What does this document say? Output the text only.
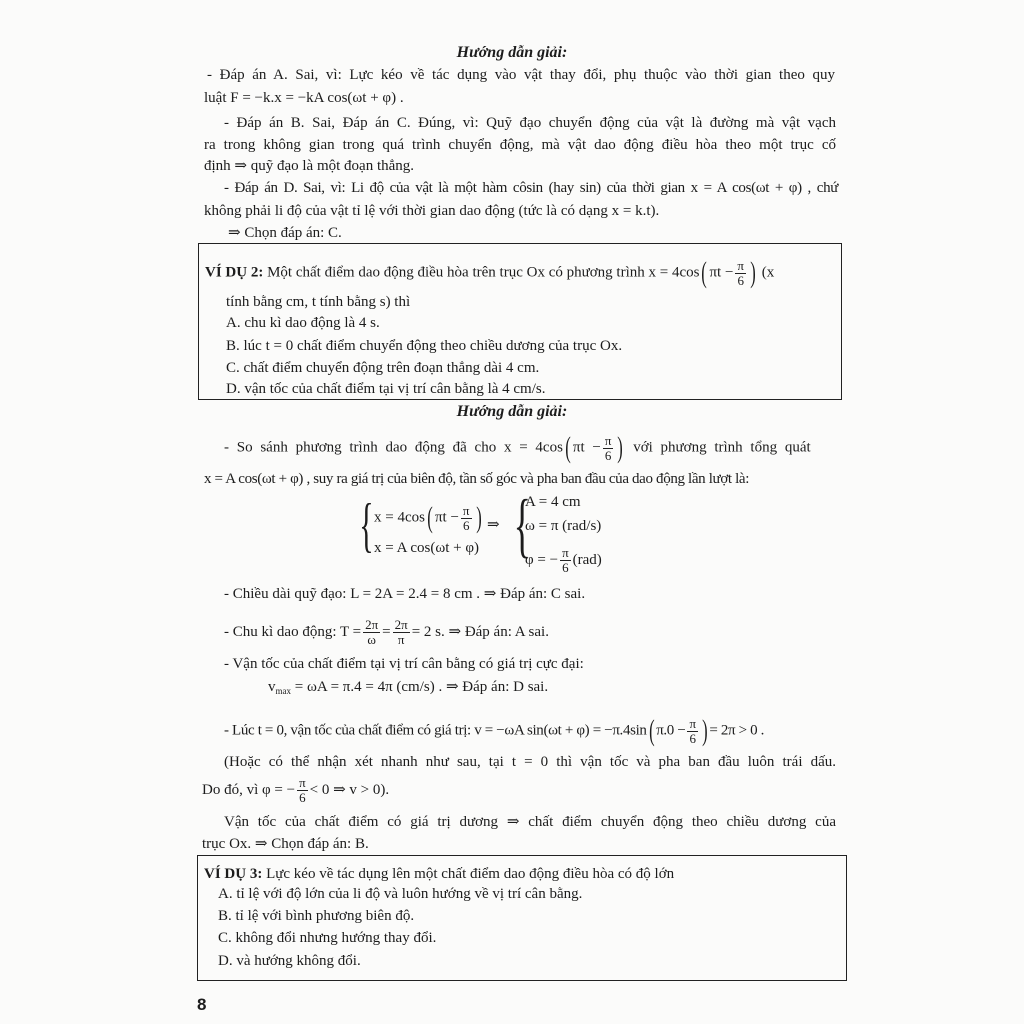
Hướng dẫn giải:
- Đáp án A. Sai, vì: Lực kéo về tác dụng vào vật thay đổi, phụ thuộc vào thời gian theo quy
luật F = −k.x = −kA cos(ωt + φ) .
- Đáp án B. Sai, Đáp án C. Đúng, vì: Quỹ đạo chuyển động của vật là đường mà vật vạch
ra trong không gian trong quá trình chuyển động, mà vật dao động điều hòa theo một trục cố
định ⇒ quỹ đạo là một đoạn thẳng.
- Đáp án D. Sai, vì: Li độ của vật là một hàm côsin (hay sin) của thời gian x = A cos(ωt + φ) , chứ
không phải li độ của vật tỉ lệ với thời gian dao động (tức là có dạng x = k.t).
⇒ Chọn đáp án: C.
VÍ DỤ 2: Một chất điểm dao động điều hòa trên trục Ox có phương trình x = 4cos( $\pi t - \frac{\pi}{6}$ ) (x
tính bằng cm, t tính bằng s) thì
A. chu kì dao động là 4 s.
B. lúc t = 0 chất điểm chuyển động theo chiều dương của trục Ox.
C. chất điểm chuyển động trên đoạn thẳng dài 4 cm.
D. vận tốc của chất điểm tại vị trí cân bằng là 4 cm/s.
Hướng dẫn giải:
- So sánh phương trình dao động đã cho x = 4cos( $\pi t - \frac{\pi}{6}$ ) với phương trình tổng quát
x = A cos(ωt + φ) , suy ra giá trị của biên độ, tần số góc và pha ban đầu của dao động lần lượt là:
{ x = 4cos( $\pi t - \frac{\pi}{6}$ )
x = A cos(ωt + φ)
⇒ {
A = 4 cm
ω = π (rad/s)
φ = − $\frac{\pi}{6} (rad)$
- Chiều dài quỹ đạo: L = 2A = 2.4 = 8 cm . ⇒ Đáp án: C sai.
- Chu kì dao động: $T = \frac{2\pi}{\omega} = \frac{2\pi}{\pi} = 2$ s. ⇒ Đáp án: A sai.
- Vận tốc của chất điểm tại vị trí cân bằng có giá trị cực đại:
$v_{max} = \omega A = \pi.4 = 4\pi$ (cm/s) . ⇒ Đáp án: D sai.
- Lúc t = 0, vận tốc của chất điểm có giá trị: v = −ωA sin(ωt + φ) = −π.4sin( $\pi.0 - \frac{\pi}{6}$ ) = 2π > 0 .
(Hoặc có thể nhận xét nhanh như sau, tại t = 0 thì vận tốc và pha ban đầu luôn trái dấu.
Do đó, vì φ = − $\frac{\pi}{6} < 0$ ⇒ v > 0).
Vận tốc của chất điểm có giá trị dương ⇒ chất điểm chuyển động theo chiều dương của
trục Ox. ⇒ Chọn đáp án: B.
VÍ DỤ 3: Lực kéo về tác dụng lên một chất điểm dao động điều hòa có độ lớn
A. tỉ lệ với độ lớn của li độ và luôn hướng về vị trí cân bằng.
B. tỉ lệ với bình phương biên độ.
C. không đổi nhưng hướng thay đổi.
D. và hướng không đổi.
8
